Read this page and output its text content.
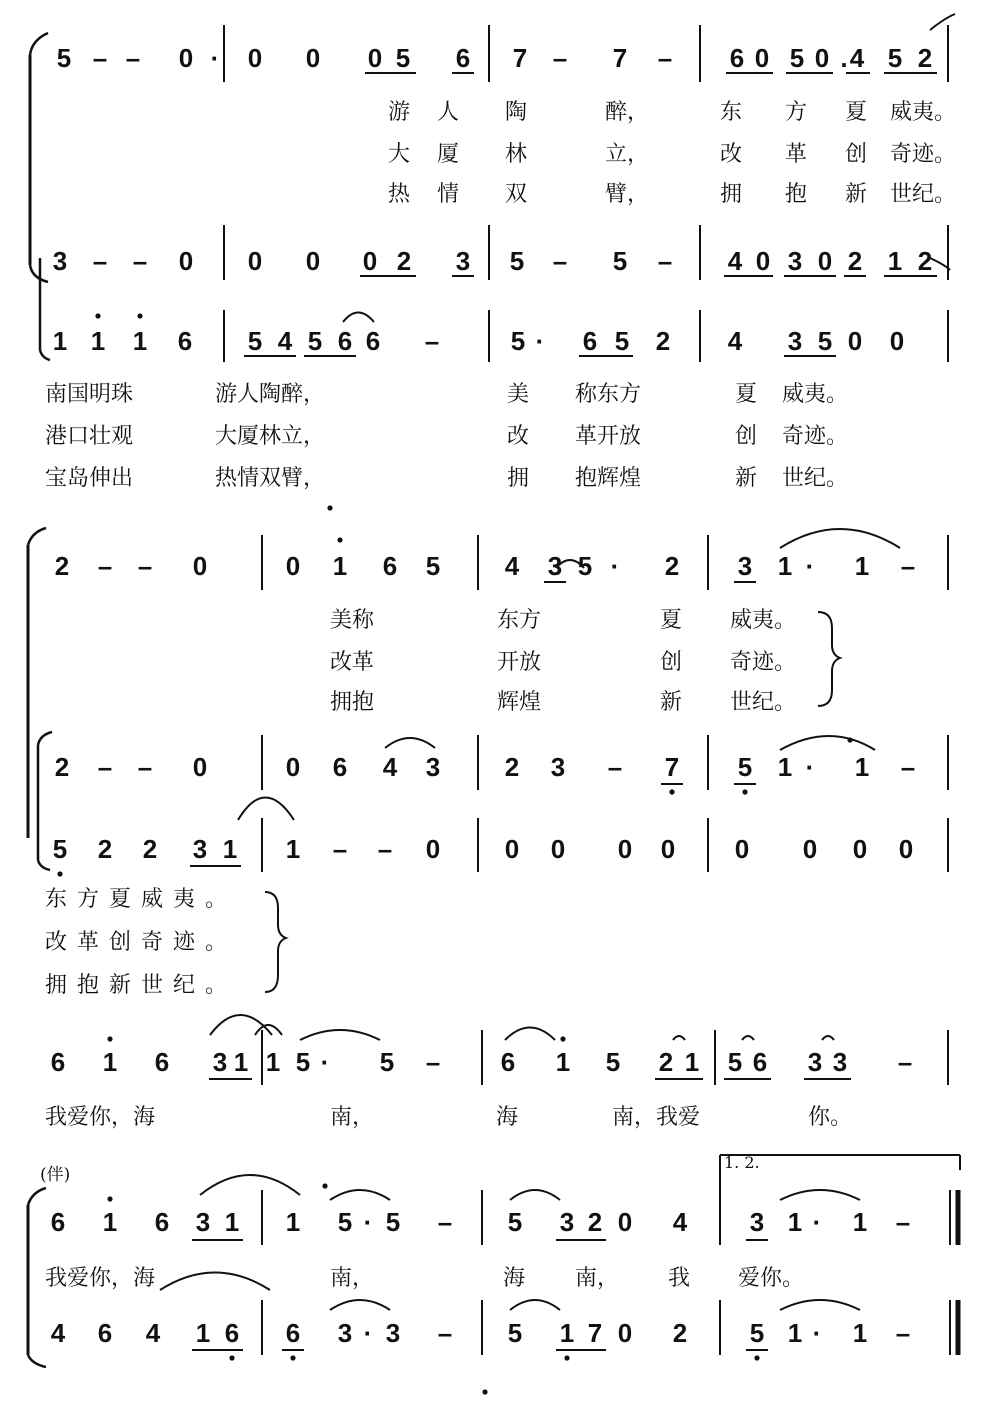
5 – – 0 · 0 0 0 5 6 7 – 7 – 6 0 5 0 . 4 5 2
3 – – 0 0 0 0 2 3 5 – 5 – 4 0 3 0 2 1 2
1 1 1 6 5 4 5 6 6 –	5 · 6 5 2 4 3 5 0 0
2 – – 0	0 1 6 5 4 3 5 · 2 3 1 · 1 –
2 – – 0	0 6 4 3 2 3 – 7 5 1 · 1 –
5 2 2 3 1 1 – – 0 0 0 0 0 0 0 0 0
6 1 6 3 1 1 5 · 5 – 6 1 5 2 1 5 6 3 3 –
6 1 6 3 1 1 5 · 5 – 5 3 2 0 4 3 1 · 1 –
4 6 4 1 6 6 3 · 3 – 5 1 7 0 2 5 1 · 1 –
游 人 陶	醉，	东 方 夏 威夷。
大 厦 林	立，	改 革 创 奇迹。
热 情 双	臂，	拥 抱 新 世纪。
南国明珠	游人陶醉，	美 称东方	夏 威夷。
港口壮观	大厦林立，	改 革开放	创 奇迹。
宝岛伸出	热情双臂，	拥 抱辉煌	新 世纪。
美称	东方	夏 威夷。
改革	开放	创 奇迹。
拥抱	辉煌	新 世纪。
东方夏威夷。
改革创奇迹。
拥抱新世纪。
我爱你，海	南，	海	南，我爱	你。
(伴)
1. 2.
我爱你，海	南，	海 南， 我 爱你。
